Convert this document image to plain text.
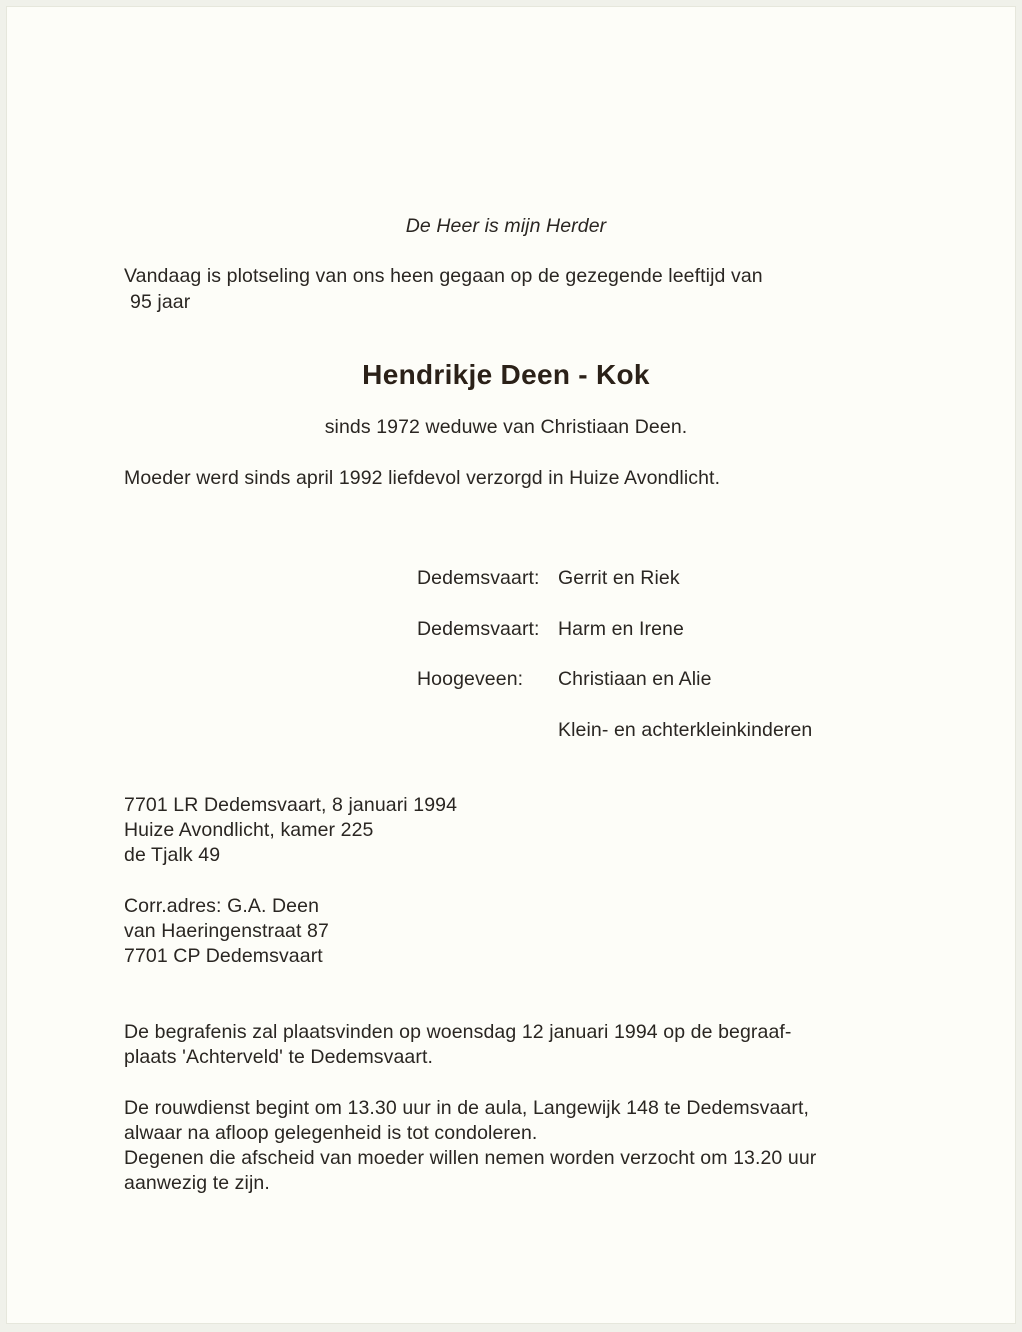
De Heer is mijn Herder
Vandaag is plotseling van ons heen gegaan op de gezegende leeftijd van
95 jaar
Hendrikje Deen - Kok
sinds 1972 weduwe van Christiaan Deen.
Moeder werd sinds april 1992 liefdevol verzorgd in Huize Avondlicht.
Dedemsvaart: Gerrit en Riek
Dedemsvaart: Harm en Irene
Hoogeveen: Christiaan en Alie
Klein- en achterkleinkinderen
7701 LR Dedemsvaart, 8 januari 1994
Huize Avondlicht, kamer 225
de Tjalk 49
Corr.adres: G.A. Deen
van Haeringenstraat 87
7701 CP Dedemsvaart
De begrafenis zal plaatsvinden op woensdag 12 januari 1994 op de begraaf-
plaats 'Achterveld' te Dedemsvaart.
De rouwdienst begint om 13.30 uur in de aula, Langewijk 148 te Dedemsvaart,
alwaar na afloop gelegenheid is tot condoleren.
Degenen die afscheid van moeder willen nemen worden verzocht om 13.20 uur
aanwezig te zijn.
